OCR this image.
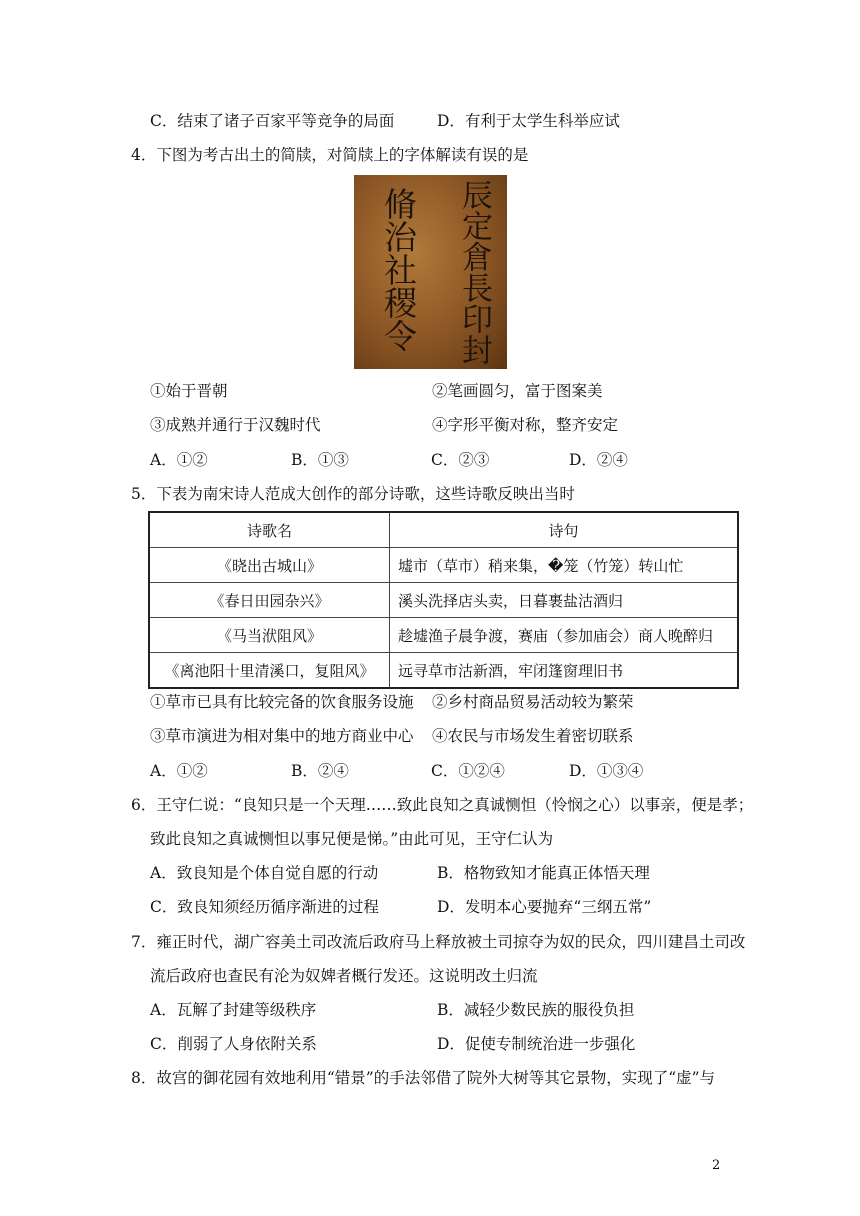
C．结束了诸子百家平等竞争的局面	D．有利于太学生科举应试
4．下图为考古出土的简牍，对简牍上的字体解读有误的是
脩治社稷令	辰定倉長印封
①始于晋朝	②笔画圆匀，富于图案美
③成熟并通行于汉魏时代	④字形平衡对称，整齐安定
A．①②	B．①③	C．②③	D．②④
5．下表为南宋诗人范成大创作的部分诗歌，这些诗歌反映出当时
诗歌名	诗句
《晓出古城山》	墟市（草市）稍来集，�笼（竹笼）转山忙
《春日田园杂兴》	溪头洗择店头卖，日暮裹盐沽酒归
《马当洑阻风》	趁墟渔子晨争渡，赛庙（参加庙会）商人晚醉归
《离池阳十里清溪口，复阻风》	远寻草市沽新酒，牢闭篷窗理旧书
①草市已具有比较完备的饮食服务设施 ②乡村商品贸易活动较为繁荣
③草市演进为相对集中的地方商业中心 ④农民与市场发生着密切联系
A．①②	B．②④	C．①②④	D．①③④
6．王守仁说：“良知只是一个天理……致此良知之真诚恻怛（怜悯之心）以事亲，便是孝；
致此良知之真诚恻怛以事兄便是悌。”由此可见，王守仁认为
A．致良知是个体自觉自愿的行动	B．格物致知才能真正体悟天理
C．致良知须经历循序渐进的过程	D．发明本心要抛弃“三纲五常”
7．雍正时代，湖广容美土司改流后政府马上释放被土司掠夺为奴的民众，四川建昌土司改
流后政府也查民有沦为奴婢者概行发还。这说明改土归流
A．瓦解了封建等级秩序	B．减轻少数民族的服役负担
C．削弱了人身依附关系	D．促使专制统治进一步强化
8．故宫的御花园有效地利用“错景”的手法邻借了院外大树等其它景物，实现了“虚”与
2
